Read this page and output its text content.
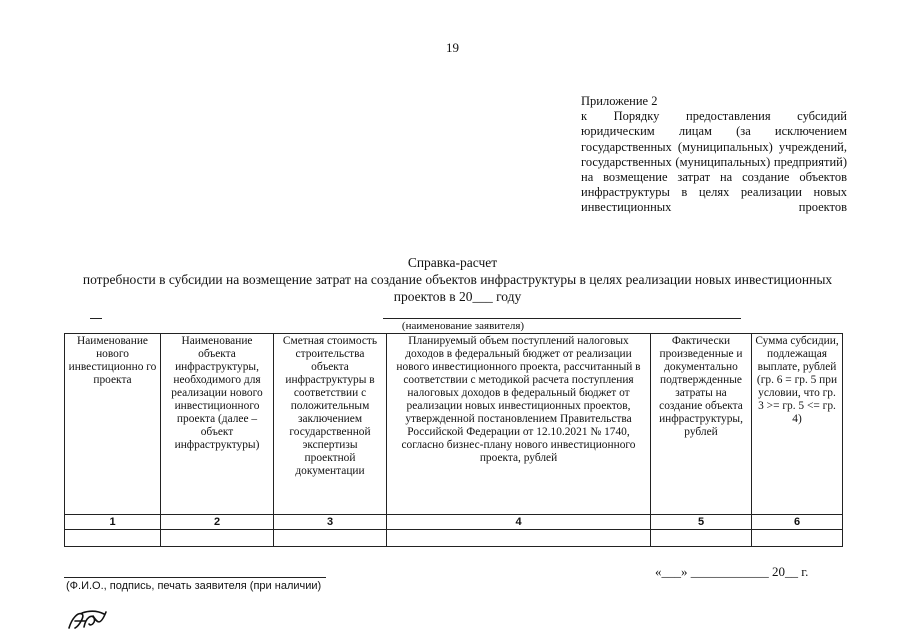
19
Приложение 2
к Порядку предоставления субсидий юридическим лицам (за исключением государственных (муниципальных) учреждений, государственных (муниципальных) предприятий) на возмещение затрат на создание объектов инфраструктуры в целях реализации новых инвестиционных проектов
Справка-расчет
потребности в субсидии на возмещение затрат на создание объектов инфраструктуры в целях реализации новых инвестиционных проектов в 20___ году
(наименование заявителя)
Наименование нового инвестиционно го проекта	Наименование объекта инфраструктуры, необходимого для реализации нового инвестиционного проекта (далее – объект инфраструктуры)	Сметная стоимость строительства объекта инфраструктуры в соответствии с положительным заключением государственной экспертизы проектной документации	Планируемый объем поступлений налоговых доходов в федеральный бюджет от реализации нового инвестиционного проекта, рассчитанный в соответствии с методикой расчета поступления налоговых доходов в федеральный бюджет от реализации новых инвестиционных проектов, утвержденной постановлением Правительства Российской Федерации от 12.10.2021 № 1740, согласно бизнес-плану нового инвестиционного проекта, рублей	Фактически произведенные и документально подтвержденные затраты на создание объекта инфраструктуры, рублей	Сумма субсидии, подлежащая выплате, рублей (гр. 6 = гр. 5 при условии, что гр. 3 >= гр. 5 <= гр. 4)
1	2	3	4	5	6

«___» ____________ 20__ г.
(Ф.И.О., подпись, печать заявителя (при наличии)
